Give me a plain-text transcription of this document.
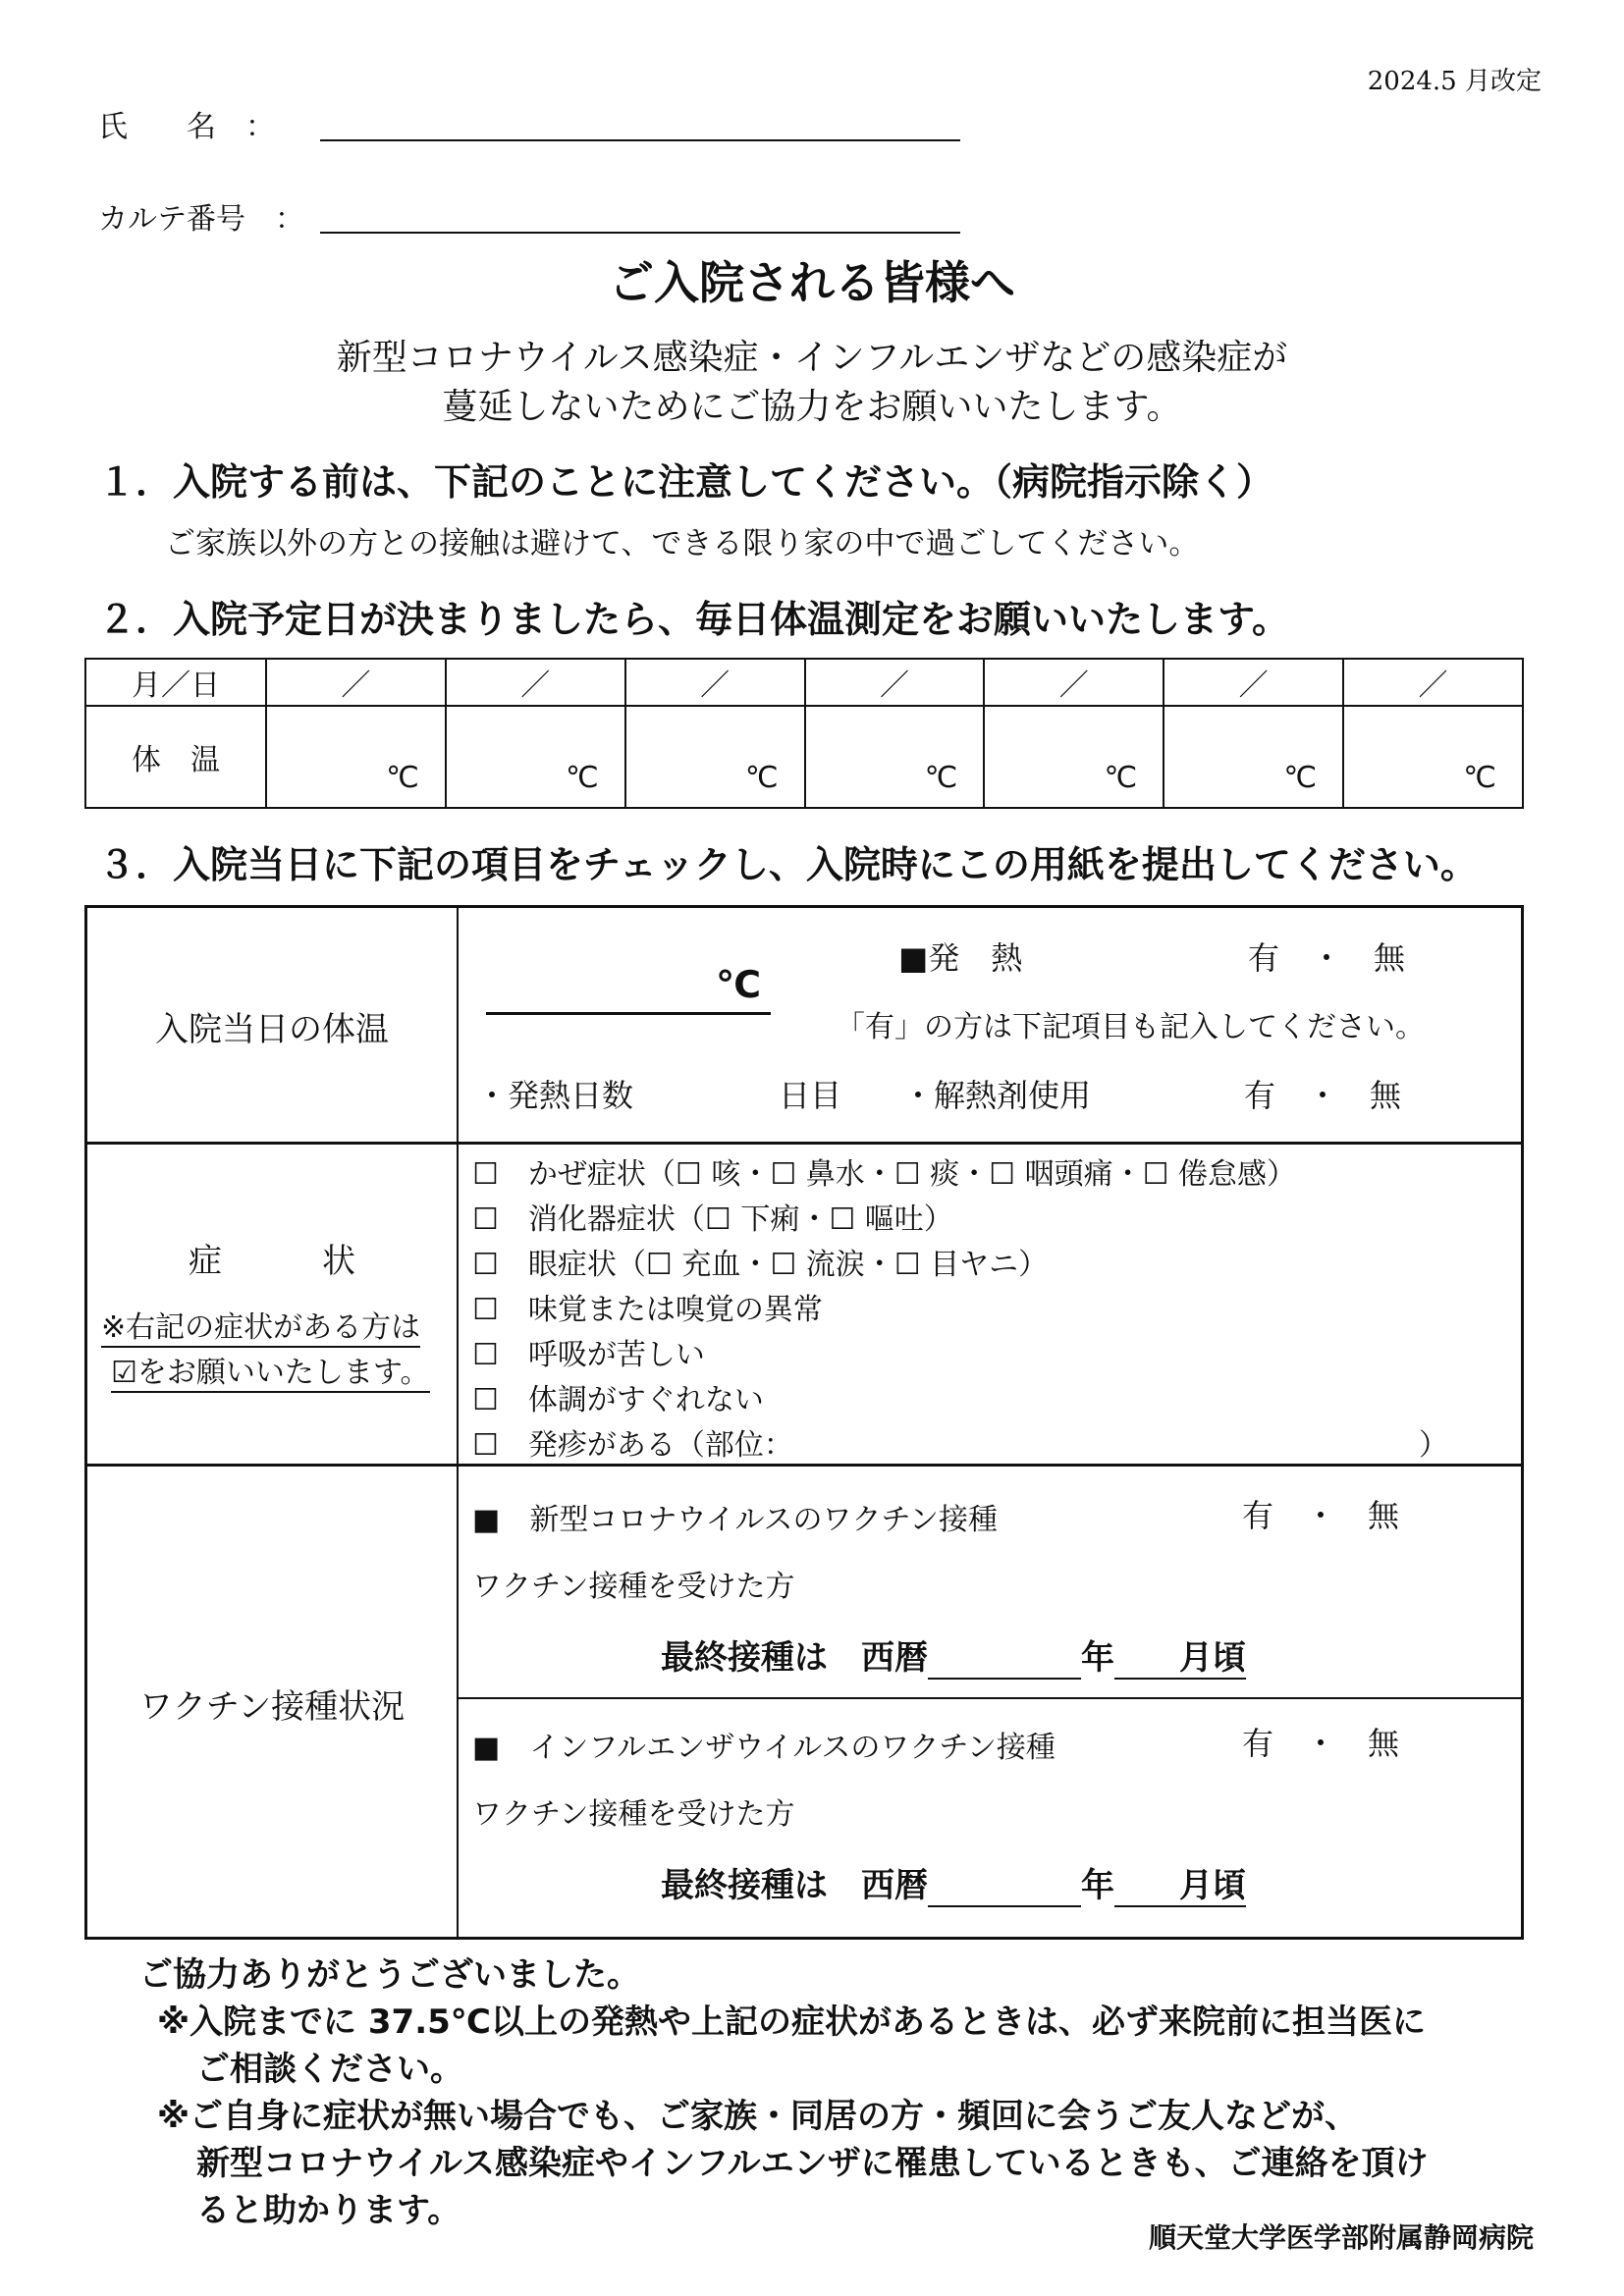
2024.5 月改定
氏　　名　：
カルテ番号　：
ご入院される皆様へ
新型コロナウイルス感染症・インフルエンザなどの感染症が
蔓延しないためにご協力をお願いいたします。
１．入院する前は、下記のことに注意してください。（病院指示除く）
ご家族以外の方との接触は避けて、できる限り家の中で過ごしてください。
２．入院予定日が決まりましたら、毎日体温測定をお願いいたします。
月／日	／	／	／	／	／	／	／
体　温	℃	℃	℃	℃	℃	℃	℃
３．入院当日に下記の項目をチェックし、入院時にこの用紙を提出してください。
入院当日の体温
℃
■発　熱	有　・　無
「有」の方は下記項目も記入してください。
・発熱日数	日目 ・解熱剤使用	有　・　無
症　　　状
※右記の症状がある方は
☑をお願いいたします。
☐　かぜ症状（☐ 咳・☐ 鼻水・☐ 痰・☐ 咽頭痛・☐ 倦怠感）
☐　消化器症状（☐ 下痢・☐ 嘔吐）
☐　眼症状（☐ 充血・☐ 流涙・☐ 目ヤニ）
☐　味覚または嗅覚の異常
☐　呼吸が苦しい
☐　体調がすぐれない
☐　発疹がある（部位：	）
ワクチン接種状況
■　新型コロナウイルスのワクチン接種	有　・　無
ワクチン接種を受けた方
最終接種は　西暦	年 月頃
■　インフルエンザウイルスのワクチン接種	有　・　無
ワクチン接種を受けた方
最終接種は　西暦	年 月頃
ご協力ありがとうございました。
※入院までに 37.5℃以上の発熱や上記の症状があるときは、必ず来院前に担当医に
ご相談ください。
※ご自身に症状が無い場合でも、ご家族・同居の方・頻回に会うご友人などが、
新型コロナウイルス感染症やインフルエンザに罹患しているときも、ご連絡を頂け
ると助かります。
順天堂大学医学部附属静岡病院
